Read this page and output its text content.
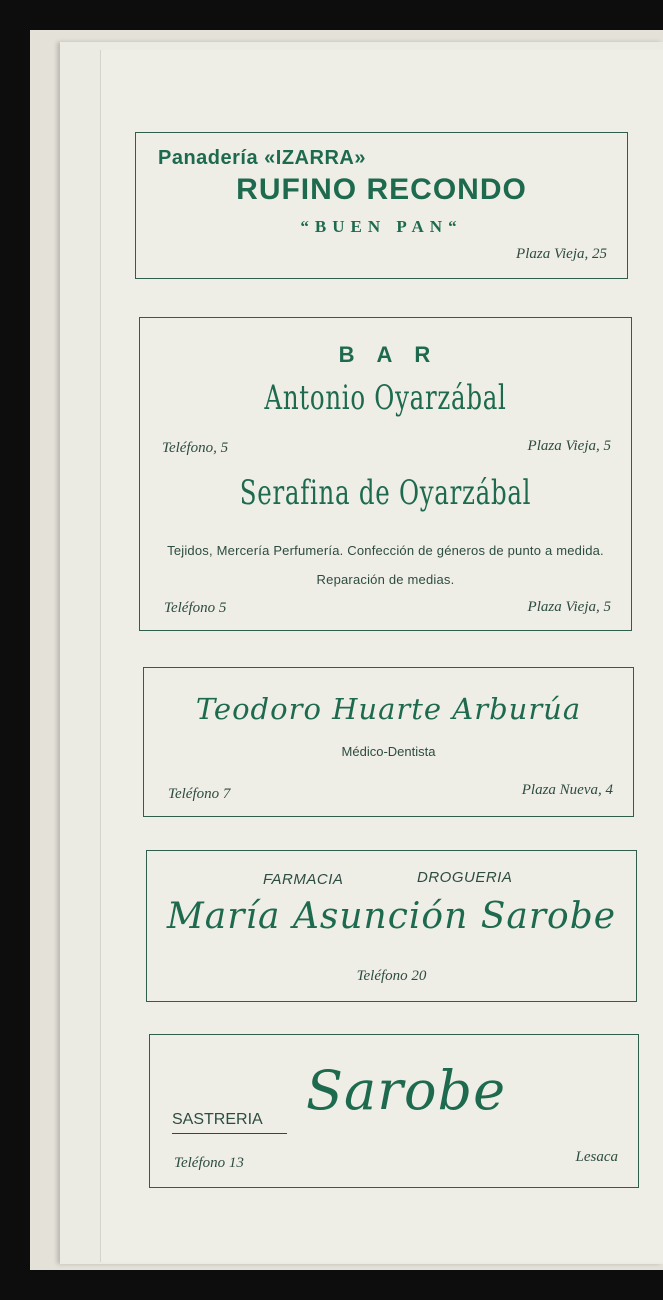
Panadería «IZARRA»
RUFINO RECONDO
“BUEN PAN“
Plaza Vieja, 25
BAR
Antonio Oyarzábal
Teléfono, 5	Plaza Vieja, 5
Serafina de Oyarzábal
Tejidos, Mercería Perfumería. Confección de géneros de punto a medida. Reparación de medias.
Teléfono 5	Plaza Vieja, 5
Teodoro Huarte Arburúa
Médico-Dentista
Teléfono 7	Plaza Nueva, 4
FARMACIA	DROGUERIA
María Asunción Sarobe
Teléfono 20
SASTRERIA Sarobe
Teléfono 13	Lesaca
